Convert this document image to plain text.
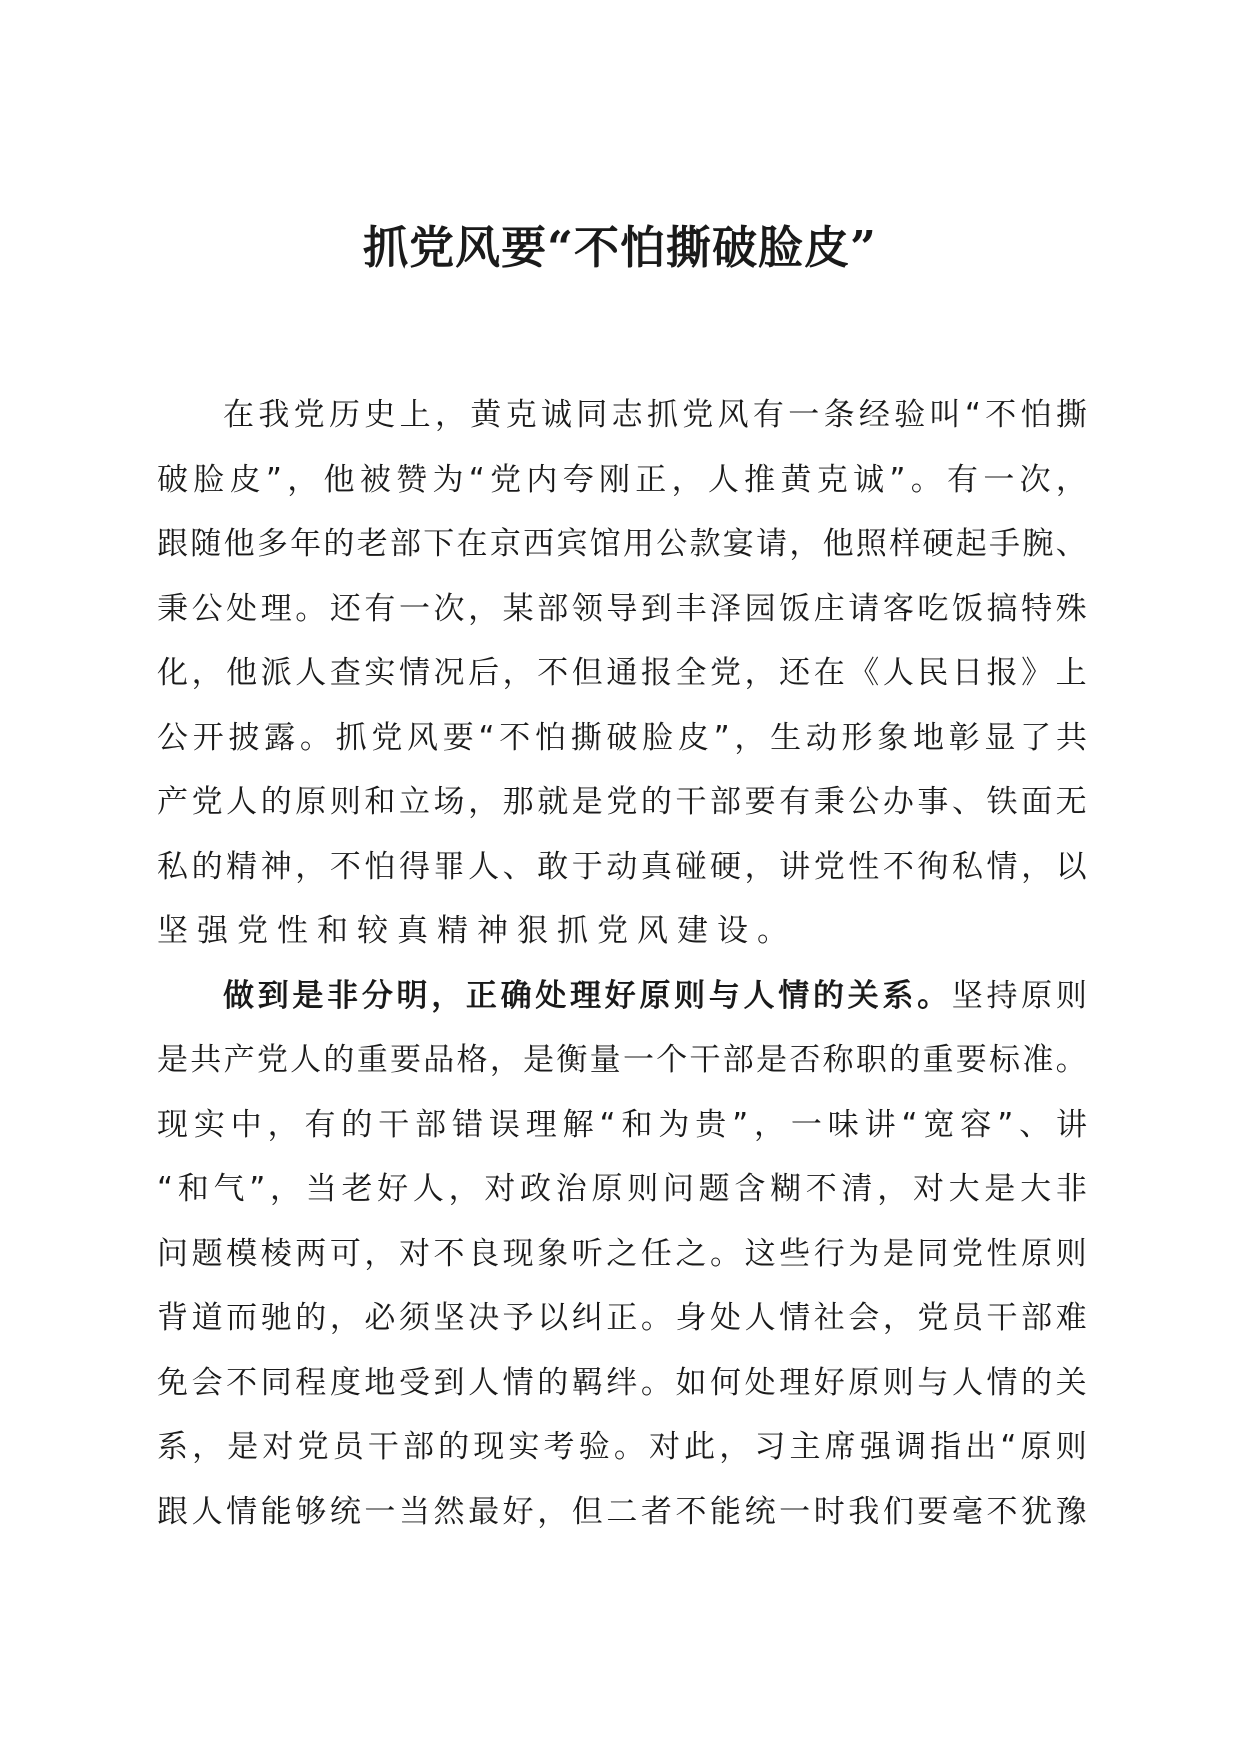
抓党风要“不怕撕破脸皮”
在 我 党 历 史 上 ， 黄 克 诚 同 志 抓 党 风 有 一 条 经 验 叫 “ 不 怕 撕
破 脸 皮 ” ， 他 被 赞 为 “ 党 内 夸 刚 正 ， 人 推 黄 克 诚 ” 。 有 一 次 ，
跟 随 他 多 年 的 老 部 下 在 京 西 宾 馆 用 公 款 宴 请 ， 他 照 样 硬 起 手 腕 、
秉 公 处 理 。 还 有 一 次 ， 某 部 领 导 到 丰 泽 园 饭 庄 请 客 吃 饭 搞 特 殊
化 ， 他 派 人 查 实 情 况 后 ， 不 但 通 报 全 党 ， 还 在 《 人 民 日 报 》 上
公 开 披 露 。 抓 党 风 要 “ 不 怕 撕 破 脸 皮 ” ， 生 动 形 象 地 彰 显 了 共
产 党 人 的 原 则 和 立 场 ， 那 就 是 党 的 干 部 要 有 秉 公 办 事 、 铁 面 无
私 的 精 神 ， 不 怕 得 罪 人 、 敢 于 动 真 碰 硬 ， 讲 党 性 不 徇 私 情 ， 以
坚强党性和较真精神狠抓党风建设。
做 到 是 非 分 明 ， 正 确 处 理 好 原 则 与 人 情 的 关 系 。 坚 持 原 则
是 共 产 党 人 的 重 要 品 格 ， 是 衡 量 一 个 干 部 是 否 称 职 的 重 要 标 准 。
现 实 中 ， 有 的 干 部 错 误 理 解 “ 和 为 贵 ” ， 一 味 讲 “ 宽 容 ” 、 讲
“ 和 气 ” ， 当 老 好 人 ， 对 政 治 原 则 问 题 含 糊 不 清 ， 对 大 是 大 非
问 题 模 棱 两 可 ， 对 不 良 现 象 听 之 任 之 。 这 些 行 为 是 同 党 性 原 则
背 道 而 驰 的 ， 必 须 坚 决 予 以 纠 正 。 身 处 人 情 社 会 ， 党 员 干 部 难
免 会 不 同 程 度 地 受 到 人 情 的 羁 绊 。 如 何 处 理 好 原 则 与 人 情 的 关
系 ， 是 对 党 员 干 部 的 现 实 考 验 。 对 此 ， 习 主 席 强 调 指 出 “ 原 则
跟 人 情 能 够 统 一 当 然 最 好 ， 但 二 者 不 能 统 一 时 我 们 要 毫 不 犹 豫
